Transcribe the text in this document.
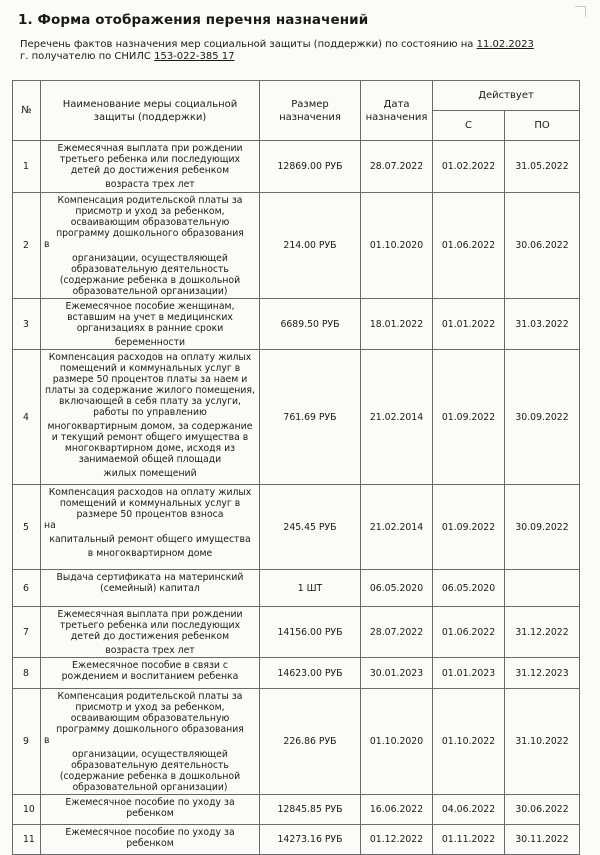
1. Форма отображения перечня назначений
Перечень фактов назначения мер социальной защиты (поддержки) по состоянию на 11.02.2023
г. получателю по СНИЛС 153-022-385 17
№	Наименование меры социальной защиты (поддержки)	Размер назначения	Дата назначения	Действует	
				С	ПО
1	Ежемесячная выплата при рождении третьего ребенка или последующих детей до достижения ребенком
возраста трех лет	12869.00 РУБ	28.07.2022	01.02.2022	31.05.2022
2	Компенсация родительской платы за присмотр и уход за ребенком, осваивающим образовательную программу дошкольного образования
в
организации, осуществляющей образовательную деятельность (содержание ребенка в дошкольной образовательной организации)	214.00 РУБ	01.10.2020	01.06.2022	30.06.2022
3	Ежемесячное пособие женщинам, вставшим на учет в медицинских организациях в ранние сроки
беременности	6689.50 РУБ	18.01.2022	01.01.2022	31.03.2022
4	Компенсация расходов на оплату жилых помещений и коммунальных услуг в размере 50 процентов платы за наем и платы за содержание жилого помещения, включающей в себя плату за услуги, работы по управлению
многоквартирным домом, за содержание и текущий ремонт общего имущества в многоквартирном доме, исходя из занимаемой общей площади
жилых помещений	761.69 РУБ	21.02.2014	01.09.2022	30.09.2022
5	Компенсация расходов на оплату жилых помещений и коммунальных услуг в размере 50 процентов взноса
на
капитальный ремонт общего имущества
в многоквартирном доме	245.45 РУБ	21.02.2014	01.09.2022	30.09.2022
6	Выдача сертификата на материнский (семейный) капитал	1 ШТ	06.05.2020	06.05.2020	
7	Ежемесячная выплата при рождении третьего ребенка или последующих детей до достижения ребенком
возраста трех лет	14156.00 РУБ	28.07.2022	01.06.2022	31.12.2022
8	Ежемесячное пособие в связи с рождением и воспитанием ребенка	14623.00 РУБ	30.01.2023	01.01.2023	31.12.2023
9	Компенсация родительской платы за присмотр и уход за ребенком, осваивающим образовательную программу дошкольного образования
в
организации, осуществляющей образовательную деятельность (содержание ребенка в дошкольной образовательной организации)	226.86 РУБ	01.10.2020	01.10.2022	31.10.2022
10	Ежемесячное пособие по уходу за ребенком	12845.85 РУБ	16.06.2022	04.06.2022	30.06.2022
11	Ежемесячное пособие по уходу за ребенком	14273.16 РУБ	01.12.2022	01.11.2022	30.11.2022
